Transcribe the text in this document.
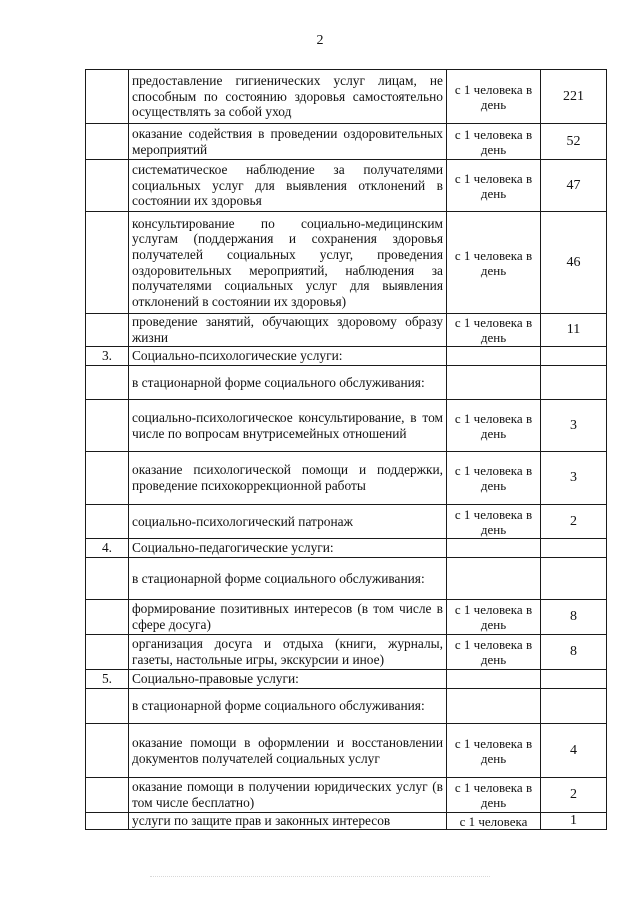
2
	предоставление гигиенических услуг лицам, не способным по состоянию здоровья самостоятельно осуществлять за собой уход	с 1 человека в день	221
	оказание содействия в проведении оздоровительных мероприятий	с 1 человека в день	52
	систематическое наблюдение за получателями социальных услуг для выявления отклонений в состоянии их здоровья	с 1 человека в день	47
	консультирование по социально-медицинским услугам (поддержания и сохранения здоровья получателей социальных услуг, проведения оздоровительных мероприятий, наблюдения за получателями социальных услуг для выявления отклонений в состоянии их здоровья)	с 1 человека в день	46
	проведение занятий, обучающих здоровому образу жизни	с 1 человека в день	11
3.	Социально-психологические услуги:		
	в стационарной форме социального обслуживания:		
	социально-психологическое консультирование, в том числе по вопросам внутрисемейных отношений	с 1 человека в день	3
	оказание психологической помощи и поддержки, проведение психокоррекционной работы	с 1 человека в день	3
	социально-психологический патронаж	с 1 человека в день	2
4.	Социально-педагогические услуги:		
	в стационарной форме социального обслуживания:		
	формирование позитивных интересов (в том числе в сфере досуга)	с 1 человека в день	8
	организация досуга и отдыха (книги, журналы, газеты, настольные игры, экскурсии и иное)	с 1 человека в день	8
5.	Социально-правовые услуги:		
	в стационарной форме социального обслуживания:		
	оказание помощи в оформлении и восстановлении документов получателей социальных услуг	с 1 человека в день	4
	оказание помощи в получении юридических услуг (в том числе бесплатно)	с 1 человека в день	2
	услуги по защите прав и законных интересов	с 1 человека	1
